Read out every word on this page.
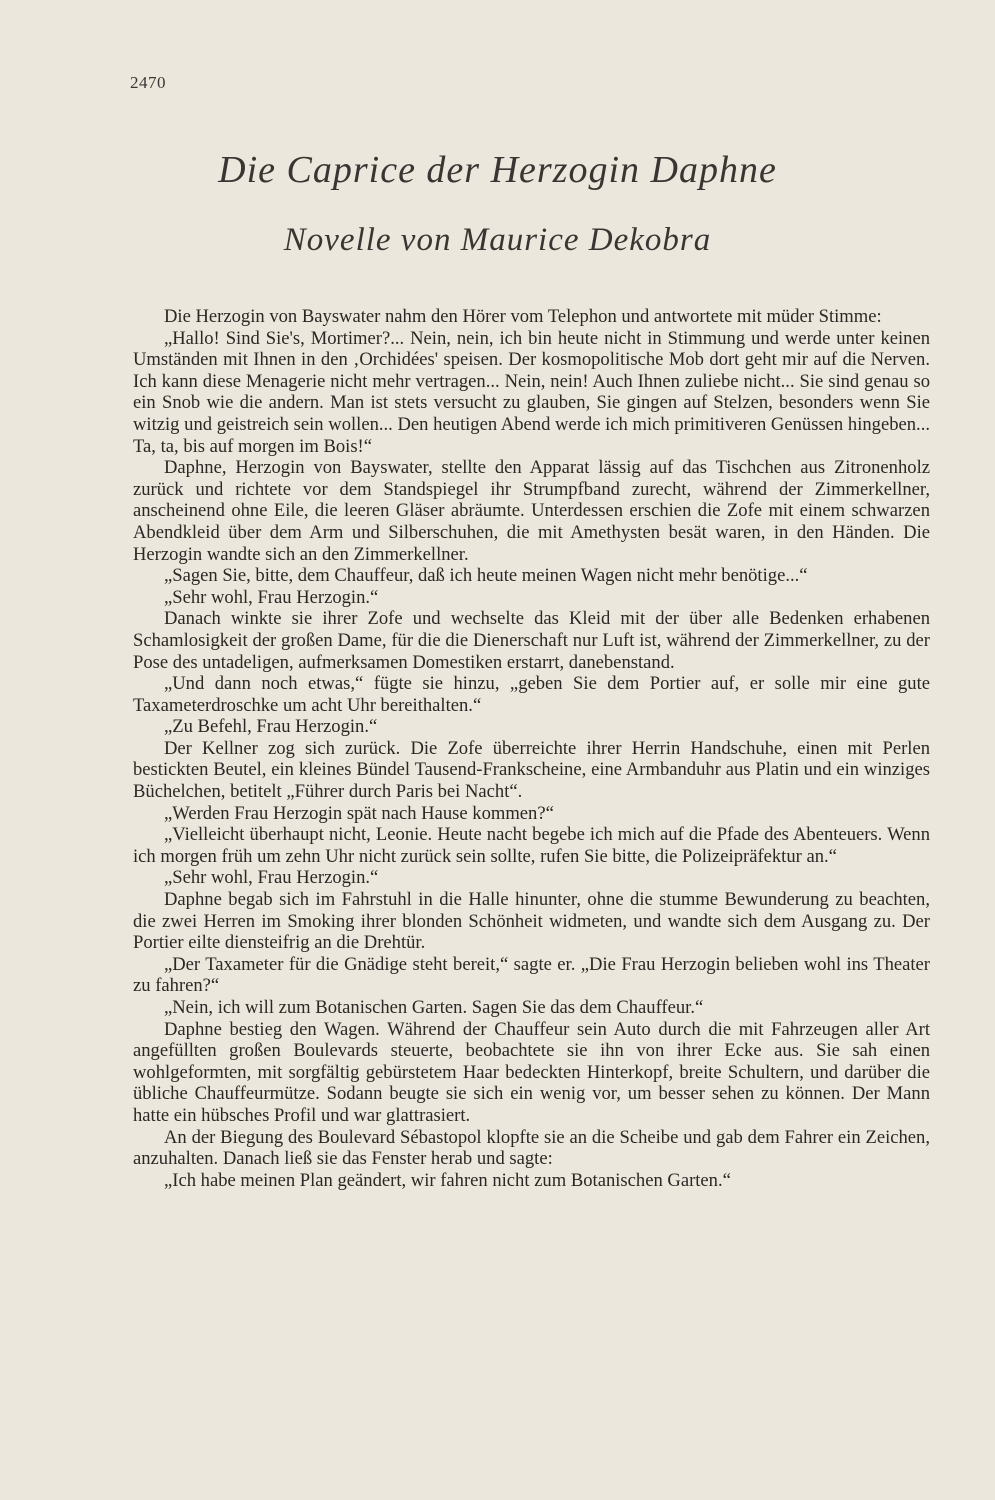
2470
Die Caprice der Herzogin Daphne
Novelle von Maurice Dekobra

Die Herzogin von Bayswater nahm den Hörer vom Telephon und antwortete mit müder Stimme:

„Hallo! Sind Sie's, Mortimer?... Nein, nein, ich bin heute nicht in Stimmung und werde unter keinen Umständen mit Ihnen in den ‚Orchidées' speisen. Der kosmopolitische Mob dort geht mir auf die Nerven. Ich kann diese Menagerie nicht mehr vertragen... Nein, nein! Auch Ihnen zuliebe nicht... Sie sind genau so ein Snob wie die andern. Man ist stets versucht zu glauben, Sie gingen auf Stelzen, besonders wenn Sie witzig und geistreich sein wollen... Den heutigen Abend werde ich mich primitiveren Genüssen hingeben... Ta, ta, bis auf morgen im Bois!“

Daphne, Herzogin von Bayswater, stellte den Apparat lässig auf das Tischchen aus Zitronenholz zurück und richtete vor dem Standspiegel ihr Strumpfband zurecht, während der Zimmerkellner, anscheinend ohne Eile, die leeren Gläser abräumte. Unterdessen erschien die Zofe mit einem schwarzen Abendkleid über dem Arm und Silberschuhen, die mit Amethysten besät waren, in den Händen. Die Herzogin wandte sich an den Zimmerkellner.

„Sagen Sie, bitte, dem Chauffeur, daß ich heute meinen Wagen nicht mehr benötige...“

„Sehr wohl, Frau Herzogin.“

Danach winkte sie ihrer Zofe und wechselte das Kleid mit der über alle Bedenken erhabenen Schamlosigkeit der großen Dame, für die die Dienerschaft nur Luft ist, während der Zimmerkellner, zu der Pose des untadeligen, aufmerksamen Domestiken erstarrt, danebenstand.

„Und dann noch etwas,“ fügte sie hinzu, „geben Sie dem Portier auf, er solle mir eine gute Taxameterdroschke um acht Uhr bereithalten.“

„Zu Befehl, Frau Herzogin.“

Der Kellner zog sich zurück. Die Zofe überreichte ihrer Herrin Handschuhe, einen mit Perlen bestickten Beutel, ein kleines Bündel Tausend-Frankscheine, eine Armbanduhr aus Platin und ein winziges Büchelchen, betitelt „Führer durch Paris bei Nacht“.

„Werden Frau Herzogin spät nach Hause kommen?“

„Vielleicht überhaupt nicht, Leonie. Heute nacht begebe ich mich auf die Pfade des Abenteuers. Wenn ich morgen früh um zehn Uhr nicht zurück sein sollte, rufen Sie bitte, die Polizeipräfektur an.“

„Sehr wohl, Frau Herzogin.“

Daphne begab sich im Fahrstuhl in die Halle hinunter, ohne die stumme Bewunderung zu beachten, die zwei Herren im Smoking ihrer blonden Schönheit widmeten, und wandte sich dem Ausgang zu. Der Portier eilte diensteifrig an die Drehtür.

„Der Taxameter für die Gnädige steht bereit,“ sagte er. „Die Frau Herzogin belieben wohl ins Theater zu fahren?“

„Nein, ich will zum Botanischen Garten. Sagen Sie das dem Chauffeur.“

Daphne bestieg den Wagen. Während der Chauffeur sein Auto durch die mit Fahrzeugen aller Art angefüllten großen Boulevards steuerte, beobachtete sie ihn von ihrer Ecke aus. Sie sah einen wohlgeformten, mit sorgfältig gebürstetem Haar bedeckten Hinterkopf, breite Schultern, und darüber die übliche Chauffeurmütze. Sodann beugte sie sich ein wenig vor, um besser sehen zu können. Der Mann hatte ein hübsches Profil und war glattrasiert.

An der Biegung des Boulevard Sébastopol klopfte sie an die Scheibe und gab dem Fahrer ein Zeichen, anzuhalten. Danach ließ sie das Fenster herab und sagte:

„Ich habe meinen Plan geändert, wir fahren nicht zum Botanischen Garten.“
